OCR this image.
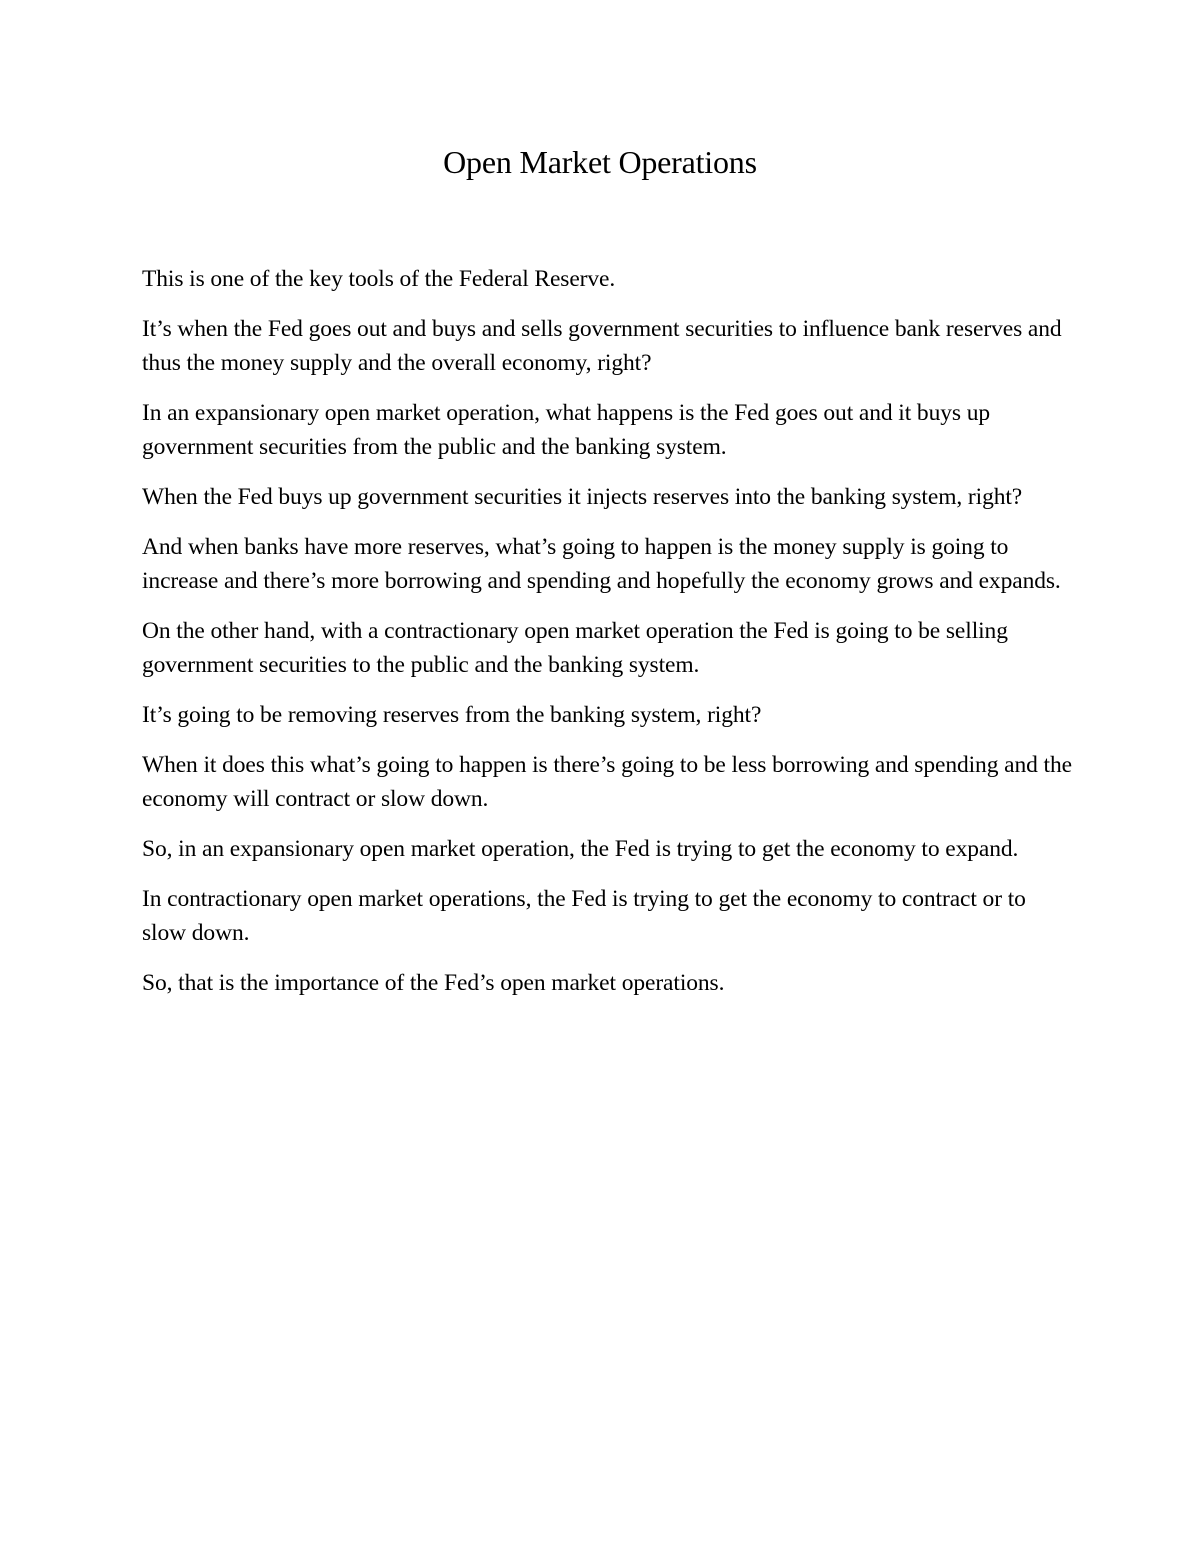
Open Market Operations

This is one of the key tools of the Federal Reserve.

It’s when the Fed goes out and buys and sells government securities to influence bank reserves and thus the money supply and the overall economy, right?

In an expansionary open market operation, what happens is the Fed goes out and it buys up government securities from the public and the banking system.

When the Fed buys up government securities it injects reserves into the banking system, right?

And when banks have more reserves, what’s going to happen is the money supply is going to increase and there’s more borrowing and spending and hopefully the economy grows and expands.

On the other hand, with a contractionary open market operation the Fed is going to be selling government securities to the public and the banking system.

It’s going to be removing reserves from the banking system, right?

When it does this what’s going to happen is there’s going to be less borrowing and spending and the economy will contract or slow down.

So, in an expansionary open market operation, the Fed is trying to get the economy to expand.

In contractionary open market operations, the Fed is trying to get the economy to contract or to slow down.

So, that is the importance of the Fed’s open market operations.
